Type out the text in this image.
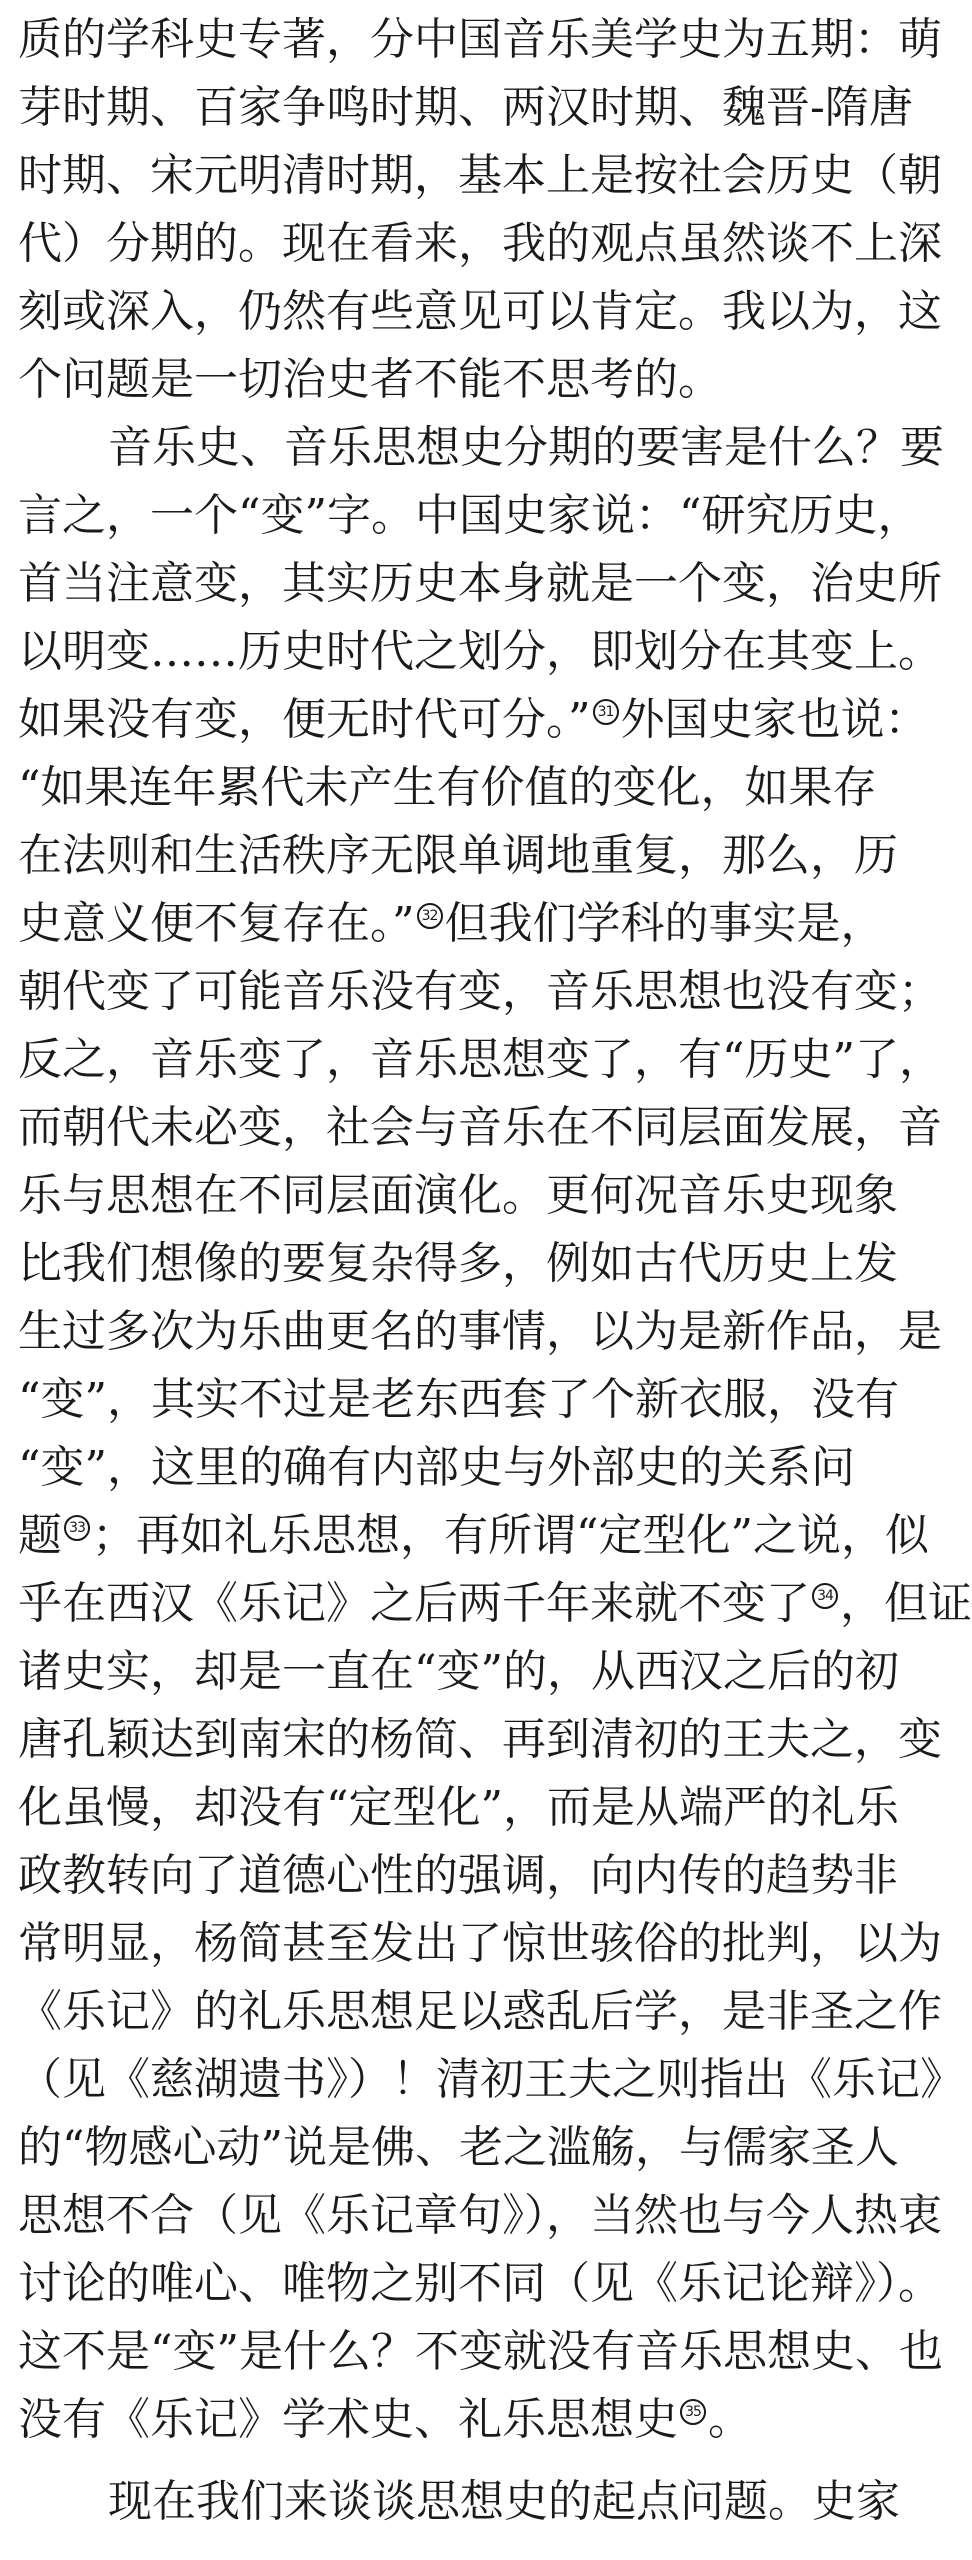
质的学科史专著，分中国音乐美学史为五期：萌
芽时期、百家争鸣时期、两汉时期、魏晋-隋唐
时期、宋元明清时期，基本上是按社会历史（朝
代）分期的。现在看来，我的观点虽然谈不上深
刻或深入，仍然有些意见可以肯定。我以为，这
个问题是一切治史者不能不思考的。
音乐史、音乐思想史分期的要害是什么？要
言之，一个“变”字。中国史家说：“研究历史，
首当注意变，其实历史本身就是一个变，治史所
以明变……历史时代之划分，即划分在其变上。
如果没有变，便无时代可分。” 31 外国史家也说：
“如果连年累代未产生有价值的变化，如果存
在法则和生活秩序无限单调地重复，那么，历
史意义便不复存在。” 32 但我们学科的事实是，
朝代变了可能音乐没有变，音乐思想也没有变；
反之，音乐变了，音乐思想变了，有“历史”了，
而朝代未必变，社会与音乐在不同层面发展，音
乐与思想在不同层面演化。更何况音乐史现象
比我们想像的要复杂得多，例如古代历史上发
生过多次为乐曲更名的事情，以为是新作品，是
“变”，其实不过是老东西套了个新衣服，没有
“变”，这里的确有内部史与外部史的关系问
题 33 ；再如礼乐思想，有所谓“定型化”之说，似
乎在西汉《乐记》之后两千年来就不变了 34 ，但证
诸史实，却是一直在“变”的，从西汉之后的初
唐孔颖达到南宋的杨简、再到清初的王夫之，变
化虽慢，却没有“定型化”，而是从端严的礼乐
政教转向了道德心性的强调，向内传的趋势非
常明显，杨简甚至发出了惊世骇俗的批判，以为
《乐记》的礼乐思想足以惑乱后学，是非圣之作
（见《慈湖遗书》）！清初王夫之则指出《乐记》
的“物感心动”说是佛、老之滥觞，与儒家圣人
思想不合（见《乐记章句》），当然也与今人热衷
讨论的唯心、唯物之别不同（见《乐记论辩》）。
这不是“变”是什么？不变就没有音乐思想史、也
没有《乐记》学术史、礼乐思想史 35 。
现在我们来谈谈思想史的起点问题。史家
